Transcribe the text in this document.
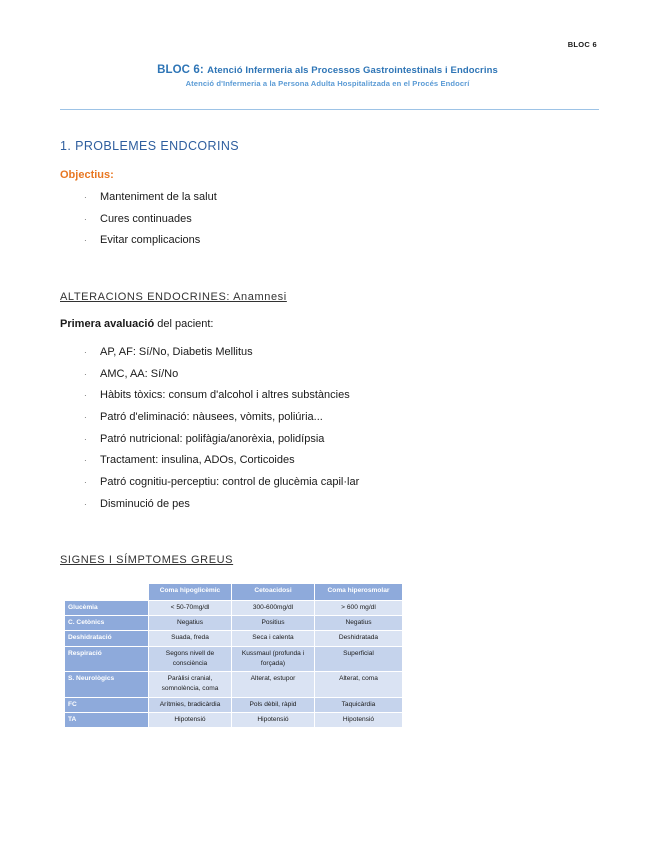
BLOC 6
BLOC 6: Atenció Infermeria als Processos Gastrointestinals i Endocrins
Atenció d'Infermeria a la Persona Adulta Hospitalitzada en el Procés Endocrí
1. PROBLEMES ENDCORINS
Objectius:
· Manteniment de la salut
· Cures continuades
· Evitar complicacions
ALTERACIONS ENDOCRINES: Anamnesi
Primera avaluació del pacient:
· AP, AF: Sí/No, Diabetis Mellitus
· AMC, AA: Sí/No
· Hàbits tòxics: consum d'alcohol i altres substàncies
· Patró d'eliminació: nàusees, vòmits, poliúria...
· Patró nutricional: polifàgia/anorèxia, polidípsia
· Tractament: insulina, ADOs, Corticoides
· Patró cognitiu-perceptiu: control de glucèmia capil·lar
· Disminució de pes
SIGNES I SÍMPTOMES GREUS
	Coma hipoglicèmic	Cetoacidosi	Coma hiperosmolar
Glucèmia	< 50-70mg/dl	300-600mg/dl	> 600 mg/dl
C. Cetònics	Negatius	Positius	Negatius
Deshidratació	Suada, freda	Seca i calenta	Deshidratada
Respiració	Segons nivell de consciència	Kussmaul (profunda i forçada)	Superficial
S. Neurològics	Paràlisi cranial, somnolència, coma	Alterat, estupor	Alterat, coma
FC	Arítmies, bradicàrdia	Pols dèbil, ràpid	Taquicàrdia
TA	Hipotensió	Hipotensió	Hipotensió
